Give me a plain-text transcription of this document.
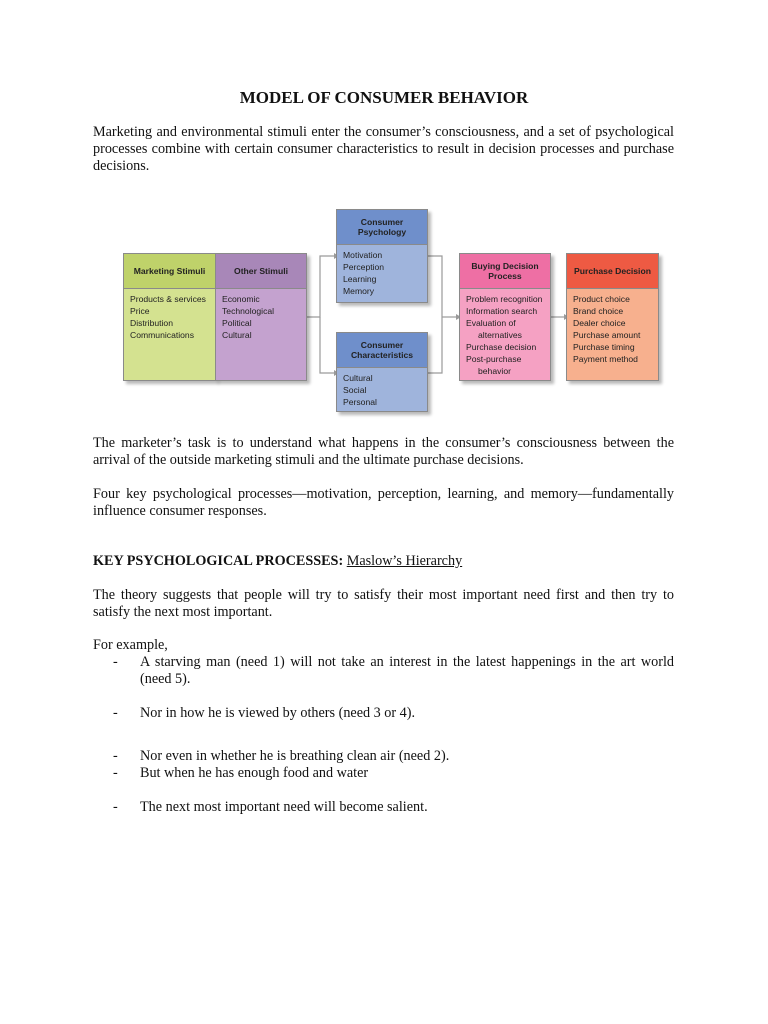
MODEL OF CONSUMER BEHAVIOR
Marketing and environmental stimuli enter the consumer’s consciousness, and a set of psychological processes combine with certain consumer characteristics to result in decision processes and purchase decisions.
Marketing Stimuli
Products & services
Price
Distribution
Communications
Other Stimuli
Economic
Technological
Political
Cultural
Consumer Psychology
Motivation
Perception
Learning
Memory
Consumer Characteristics
Cultural
Social
Personal
Buying Decision Process
Problem recognition
Information search
Evaluation of
alternatives
Purchase decision
Post-purchase
behavior
Purchase Decision
Product choice
Brand choice
Dealer choice
Purchase amount
Purchase timing
Payment method
The marketer’s task is to understand what happens in the consumer’s consciousness between the arrival of the outside marketing stimuli and the ultimate purchase decisions.
Four key psychological processes—motivation, perception, learning, and memory—fundamentally influence consumer responses.
KEY PSYCHOLOGICAL PROCESSES: Maslow’s Hierarchy
The theory suggests that people will try to satisfy their most important need first and then try to satisfy the next most important.
For example,
- A starving man (need 1) will not take an interest in the latest happenings in the art world (need 5).
- Nor in how he is viewed by others (need 3 or 4).
- Nor even in whether he is breathing clean air (need 2).
- But when he has enough food and water
- The next most important need will become salient.
